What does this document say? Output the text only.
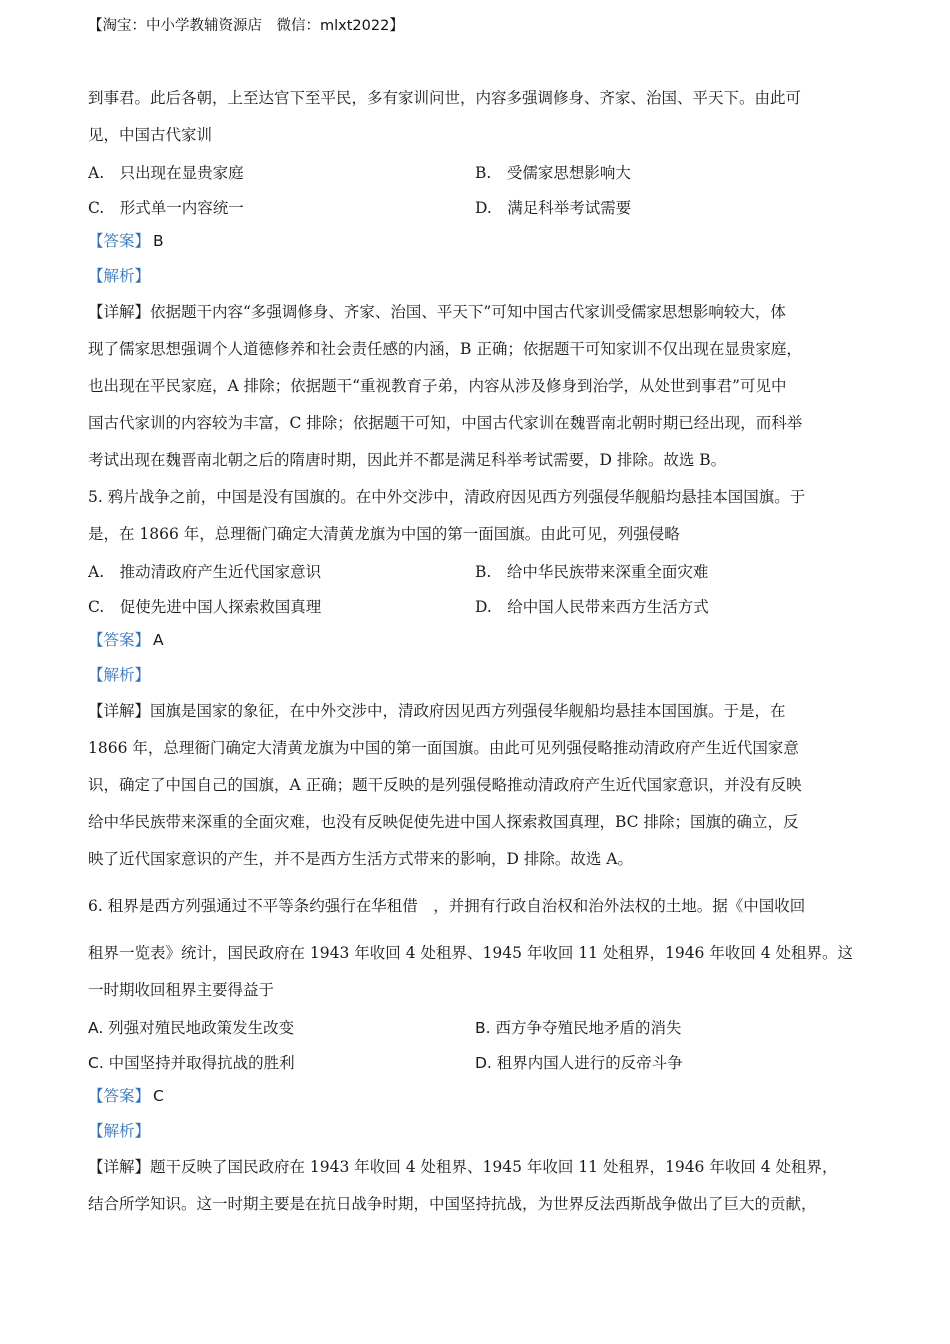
【淘宝：中小学教辅资源店　微信：mlxt2022】

到事君。此后各朝，上至达官下至平民，多有家训问世，内容多强调修身、齐家、治国、平天下。由此可

见，中国古代家训

A.　只出现在显贵家庭	B.　受儒家思想影响大
C.　形式单一内容统一	D.　满足科举考试需要
【答案】 B
【解析】

【详解】依据题干内容“多强调修身、齐家、治国、平天下”可知中国古代家训受儒家思想影响较大，体

现了儒家思想强调个人道德修养和社会责任感的内涵，B 正确；依据题干可知家训不仅出现在显贵家庭，

也出现在平民家庭，A 排除；依据题干“重视教育子弟，内容从涉及修身到治学，从处世到事君”可见中

国古代家训的内容较为丰富，C 排除；依据题干可知，中国古代家训在魏晋南北朝时期已经出现，而科举

考试出现在魏晋南北朝之后的隋唐时期，因此并不都是满足科举考试需要，D 排除。故选 B。

5. 鸦片战争之前，中国是没有国旗的。在中外交涉中，清政府因见西方列强侵华舰船均悬挂本国国旗。于

是，在 1866 年，总理衙门确定大清黄龙旗为中国的第一面国旗。由此可见，列强侵略

A.　推动清政府产生近代国家意识	B.　给中华民族带来深重全面灾难
C.　促使先进中国人探索救国真理	D.　给中国人民带来西方生活方式
【答案】 A
【解析】

【详解】国旗是国家的象征，在中外交涉中，清政府因见西方列强侵华舰船均悬挂本国国旗。于是，在

1866 年，总理衙门确定大清黄龙旗为中国的第一面国旗。由此可见列强侵略推动清政府产生近代国家意

识，确定了中国自己的国旗，A 正确；题干反映的是列强侵略推动清政府产生近代国家意识，并没有反映

给中华民族带来深重的全面灾难，也没有反映促使先进中国人探索救国真理，BC 排除；国旗的确立，反

映了近代国家意识的产生，并不是西方生活方式带来的影响，D 排除。故选 A。

6. 租界是西方列强通过不平等条约强行在华租借　，并拥有行政自治权和治外法权的土地。据《中国收回

租界一览表》统计，国民政府在 1943 年收回 4 处租界、1945 年收回 11 处租界，1946 年收回 4 处租界。这

一时期收回租界主要得益于

A. 列强对殖民地政策发生改变	B. 西方争夺殖民地矛盾的消失
C. 中国坚持并取得抗战的胜利	D. 租界内国人进行的反帝斗争
【答案】 C
【解析】

【详解】题干反映了国民政府在 1943 年收回 4 处租界、1945 年收回 11 处租界，1946 年收回 4 处租界，

结合所学知识。这一时期主要是在抗日战争时期，中国坚持抗战，为世界反法西斯战争做出了巨大的贡献，
